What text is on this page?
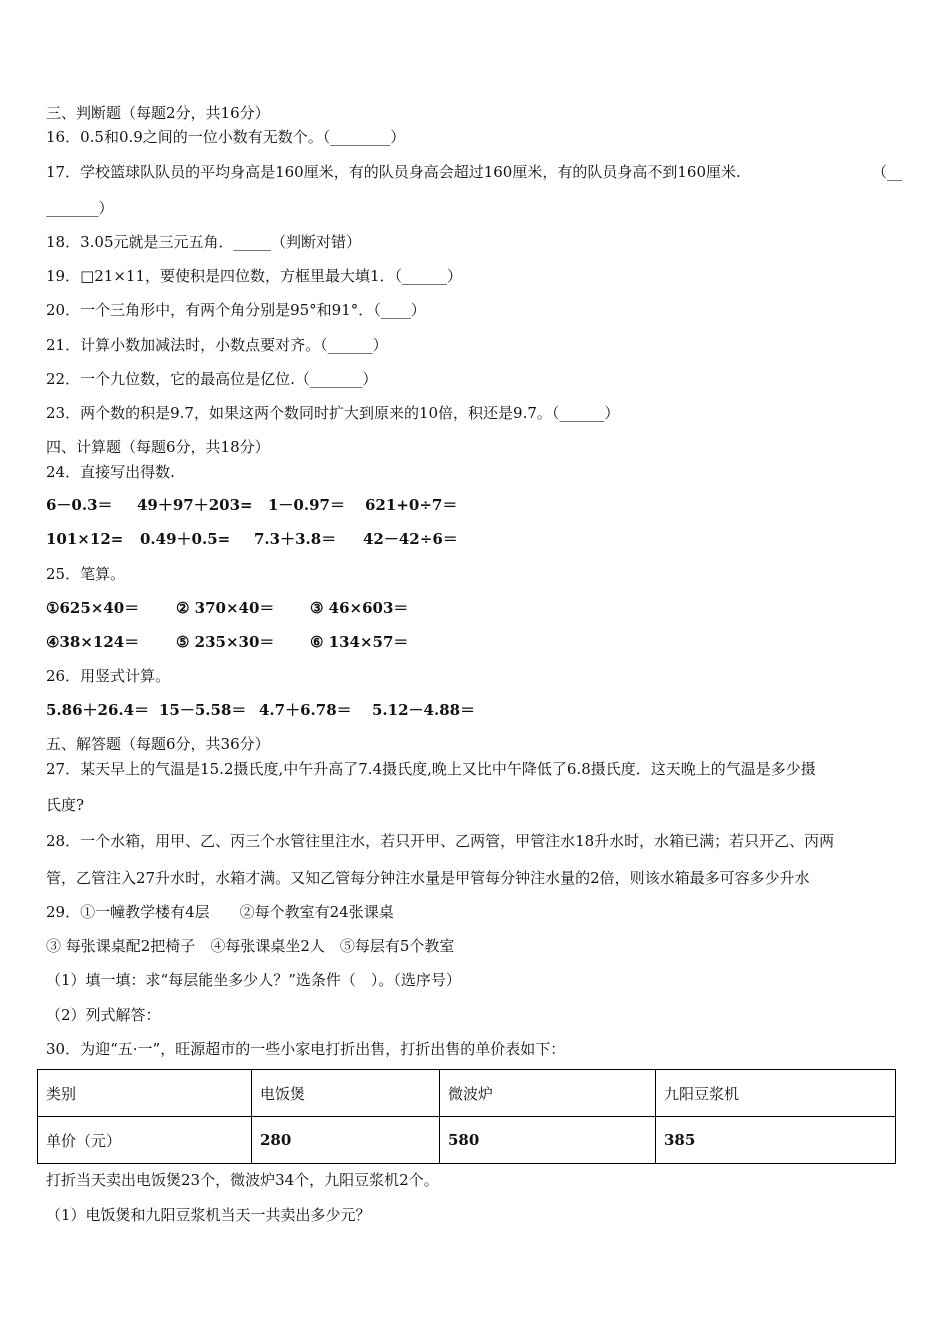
三、判断题（每题2分，共16分）
16．0.5和0.9之间的一位小数有无数个。（________）
17．学校篮球队队员的平均身高是160厘米，有的队员身高会超过160厘米，有的队员身高不到160厘米.	（__
_______）
18．3.05元就是三元五角．_____（判断对错）
19．□21×11，要使积是四位数，方框里最大填1．（______）
20．一个三角形中，有两个角分别是95°和91°．（____）
21．计算小数加减法时，小数点要对齐。（______）
22．一个九位数，它的最高位是亿位.（_______）
23．两个数的积是9.7，如果这两个数同时扩大到原来的10倍，积还是9.7。（______）
四、计算题（每题6分，共18分）
24．直接写出得数.
6－0.3＝ 49＋97＋203= 1－0.97＝ 621+0÷7＝
101×12= 0.49＋0.5= 7.3＋3.8＝ 42－42÷6＝
25．笔算。
①625×40＝ ② 370×40＝ ③ 46×603＝
④38×124＝ ⑤ 235×30＝ ⑥ 134×57＝
26．用竖式计算。
5.86＋26.4＝ 15－5.58＝ 4.7＋6.78＝ 5.12－4.88＝
五、解答题（每题6分，共36分）
27．某天早上的气温是15.2摄氏度,中午升高了7.4摄氏度,晚上又比中午降低了6.8摄氏度．这天晚上的气温是多少摄
氏度?
28．一个水箱，用甲、乙、丙三个水管往里注水，若只开甲、乙两管，甲管注水18升水时，水箱已满；若只开乙、丙两
管，乙管注入27升水时，水箱才满。又知乙管每分钟注水量是甲管每分钟注水量的2倍，则该水箱最多可容多少升水
29．①一幢教学楼有4层　　②每个教室有24张课桌
③ 每张课桌配2把椅子　④每张课桌坐2人　⑤每层有5个教室
（1）填一填：求“每层能坐多少人？”选条件（　）。（选序号）
（2）列式解答：
30．为迎“五·一”，旺源超市的一些小家电打折出售，打折出售的单价表如下：
类别	电饭煲	微波炉	九阳豆浆机
单价（元）	280	580	385
打折当天卖出电饭煲23个，微波炉34个，九阳豆浆机2个。
（1）电饭煲和九阳豆浆机当天一共卖出多少元？
